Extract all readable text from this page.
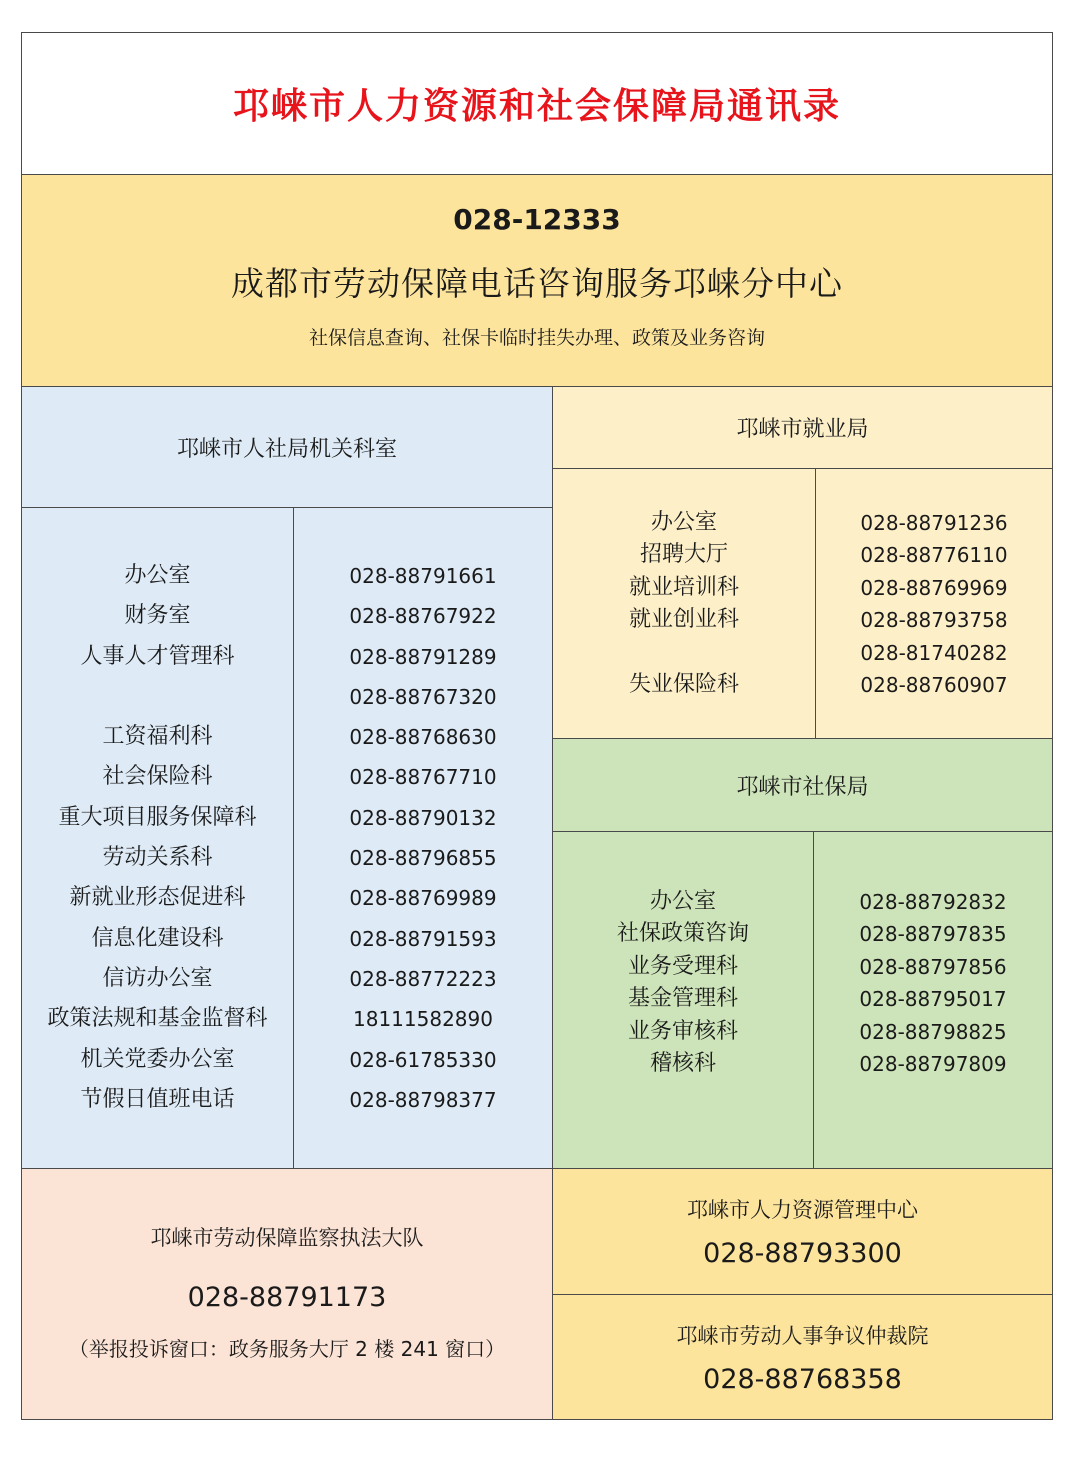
邛崃市人力资源和社会保障局通讯录
028-12333
成都市劳动保障电话咨询服务邛崃分中心
社保信息查询、社保卡临时挂失办理、政策及业务咨询
邛崃市人社局机关科室
办公室
财务室
人事人才管理科

工资福利科
社会保险科
重大项目服务保障科
劳动关系科
新就业形态促进科
信息化建设科
信访办公室
政策法规和基金监督科
机关党委办公室
节假日值班电话
028-88791661
028-88767922
028-88791289
028-88767320
028-88768630
028-88767710
028-88790132
028-88796855
028-88769989
028-88791593
028-88772223
18111582890
028-61785330
028-88798377
邛崃市就业局
办公室
招聘大厅
就业培训科
就业创业科

失业保险科
028-88791236
028-88776110
028-88769969
028-88793758
028-81740282
028-88760907
邛崃市社保局
办公室
社保政策咨询
业务受理科
基金管理科
业务审核科
稽核科
028-88792832
028-88797835
028-88797856
028-88795017
028-88798825
028-88797809
邛崃市劳动保障监察执法大队
028-88791173
（举报投诉窗口：政务服务大厅 2 楼 241 窗口）
邛崃市人力资源管理中心
028-88793300
邛崃市劳动人事争议仲裁院
028-88768358
